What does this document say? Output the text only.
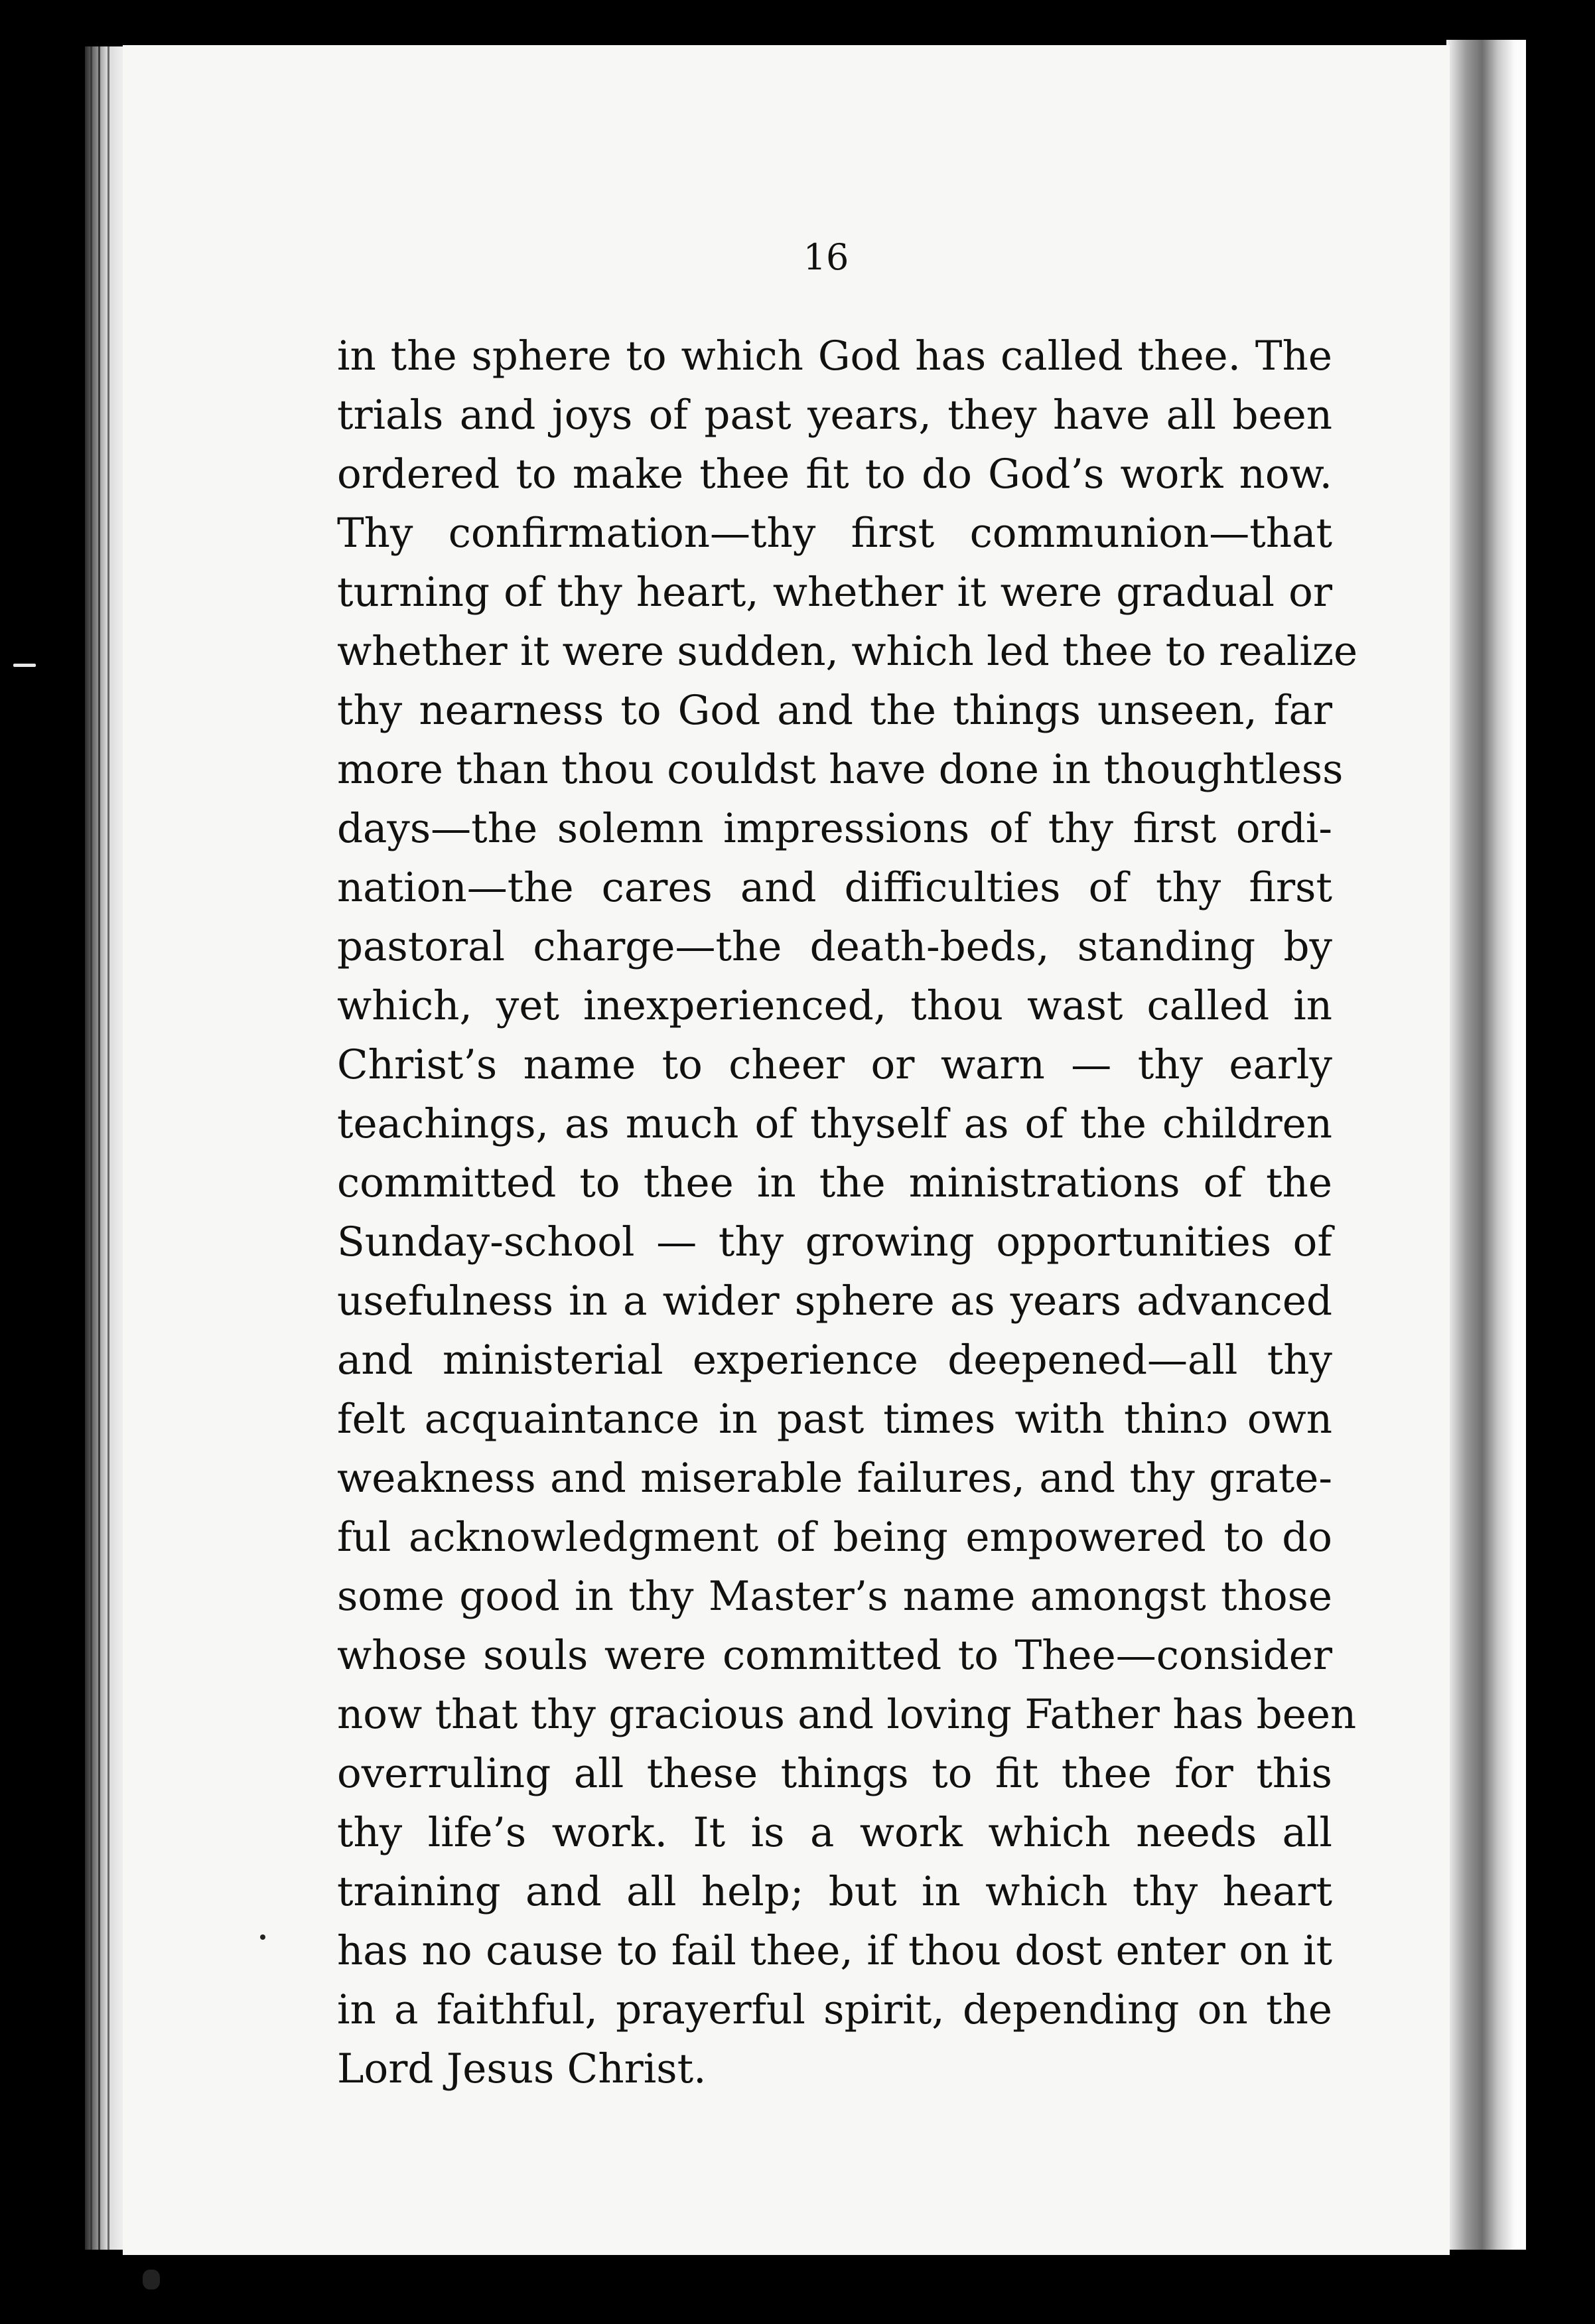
16
in the sphere to which God has called thee. The
trials and joys of past years, they have all been
ordered to make thee fit to do God’s work now.
Thy confirmation—thy first communion—that
turning of thy heart, whether it were gradual or
whether it were sudden, which led thee to realize
thy nearness to God and the things unseen, far
more than thou couldst have done in thoughtless
days—the solemn impressions of thy first ordi-
nation—the cares and difficulties of thy first
pastoral charge—the death-beds, standing by
which, yet inexperienced, thou wast called in
Christ’s name to cheer or warn — thy early
teachings, as much of thyself as of the children
committed to thee in the ministrations of the
Sunday-school — thy growing opportunities of
usefulness in a wider sphere as years advanced
and ministerial experience deepened—all thy
felt acquaintance in past times with thinɔ own
weakness and miserable failures, and thy grate-
ful acknowledgment of being empowered to do
some good in thy Master’s name amongst those
whose souls were committed to Thee—consider
now that thy gracious and loving Father has been
overruling all these things to fit thee for this
thy life’s work. It is a work which needs all
training and all help; but in which thy heart
has no cause to fail thee, if thou dost enter on it
in a faithful, prayerful spirit, depending on the
Lord Jesus Christ.
